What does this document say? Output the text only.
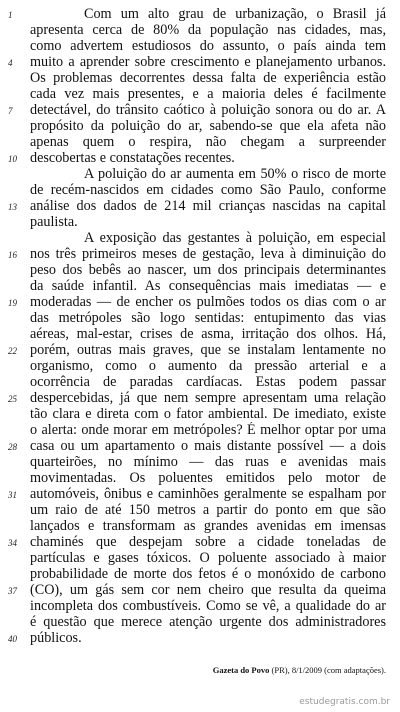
1	Com um alto grau de urbanização, o Brasil já
apresenta cerca de 80% da população nas cidades, mas,
como advertem estudiosos do assunto, o país ainda tem
4	muito a aprender sobre crescimento e planejamento urbanos.
Os problemas decorrentes dessa falta de experiência estão
cada vez mais presentes, e a maioria deles é facilmente
7	detectável, do trânsito caótico à poluição sonora ou do ar. A
propósito da poluição do ar, sabendo-se que ela afeta não
apenas quem o respira, não chegam a surpreender
10 descobertas e constatações recentes.
A poluição do ar aumenta em 50% o risco de morte
de recém-nascidos em cidades como São Paulo, conforme
13 análise dos dados de 214 mil crianças nascidas na capital
paulista.
A exposição das gestantes à poluição, em especial
16 nos três primeiros meses de gestação, leva à diminuição do
peso dos bebês ao nascer, um dos principais determinantes
da saúde infantil. As consequências mais imediatas — e
19 moderadas — de encher os pulmões todos os dias com o ar
das metrópoles são logo sentidas: entupimento das vias
aéreas, mal-estar, crises de asma, irritação dos olhos. Há,
22 porém, outras mais graves, que se instalam lentamente no
organismo, como o aumento da pressão arterial e a
ocorrência de paradas cardíacas. Estas podem passar
25 despercebidas, já que nem sempre apresentam uma relação
tão clara e direta com o fator ambiental. De imediato, existe
o alerta: onde morar em metrópoles? É melhor optar por uma
28 casa ou um apartamento o mais distante possível — a dois
quarteirões, no mínimo — das ruas e avenidas mais
movimentadas. Os poluentes emitidos pelo motor de
31 automóveis, ônibus e caminhões geralmente se espalham por
um raio de até 150 metros a partir do ponto em que são
lançados e transformam as grandes avenidas em imensas
34 chaminés que despejam sobre a cidade toneladas de
partículas e gases tóxicos. O poluente associado à maior
probabilidade de morte dos fetos é o monóxido de carbono
37 (CO), um gás sem cor nem cheiro que resulta da queima
incompleta dos combustíveis. Como se vê, a qualidade do ar
é questão que merece atenção urgente dos administradores
40 públicos.
Gazeta do Povo (PR), 8/1/2009 (com adaptações).
estudegratis.com.br
